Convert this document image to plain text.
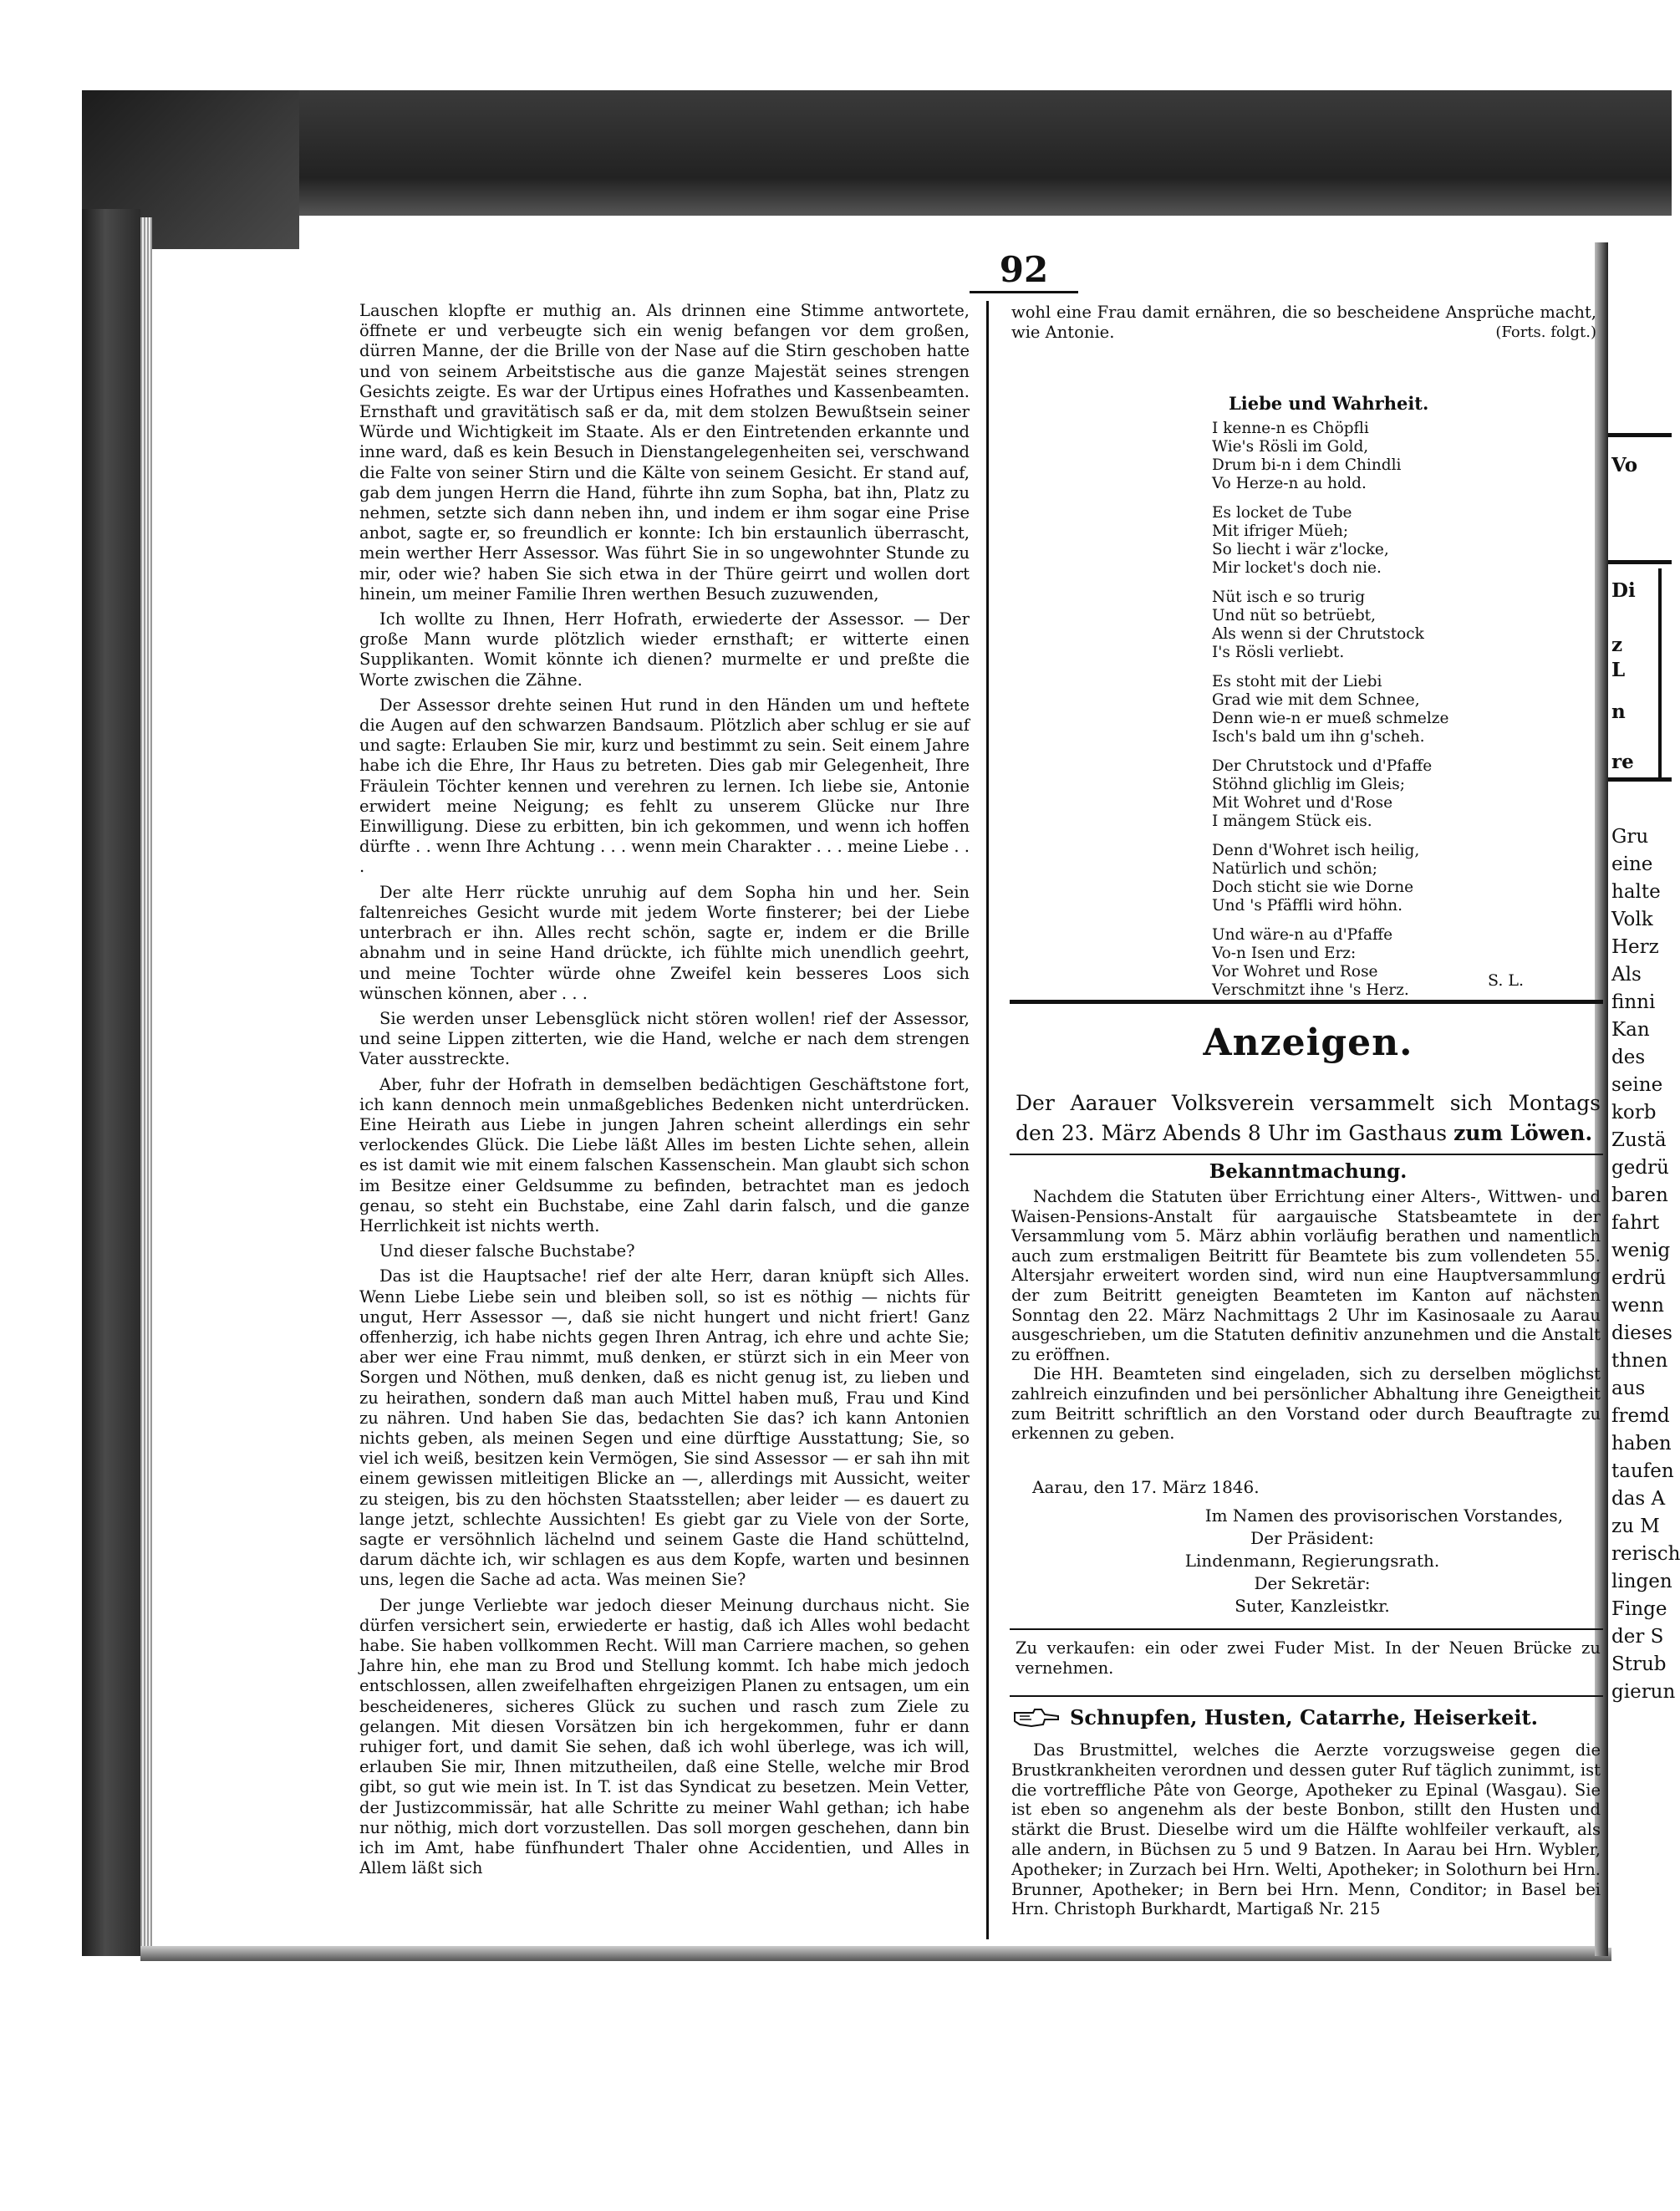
Vo
Di
z
L
n
re
Gru
eine
halte
Volk
Herz
Als
finni
Kan
des
seine
korb
Zustä
gedrü
baren
fahrt
wenig
erdrü
wenn
dieses
thnen
aus
fremd
haben
taufen
das A
zu M
rerisch
lingen
Finge
der S
Strub
gierun
92

Lauschen klopfte er muthig an. Als drinnen eine Stimme antwortete, öffnete er und verbeugte sich ein wenig befangen vor dem großen, dürren Manne, der die Brille von der Nase auf die Stirn geschoben hatte und von seinem Arbeitstische aus die ganze Majestät seines strengen Gesichts zeigte. Es war der Urtipus eines Hofrathes und Kassenbeamten. Ernsthaft und gravitätisch saß er da, mit dem stolzen Bewußtsein seiner Würde und Wichtigkeit im Staate. Als er den Eintretenden erkannte und inne ward, daß es kein Besuch in Dienstangelegenheiten sei, verschwand die Falte von seiner Stirn und die Kälte von seinem Gesicht. Er stand auf, gab dem jungen Herrn die Hand, führte ihn zum Sopha, bat ihn, Platz zu nehmen, setzte sich dann neben ihn, und indem er ihm sogar eine Prise anbot, sagte er, so freundlich er konnte: Ich bin erstaunlich überrascht, mein werther Herr Assessor. Was führt Sie in so ungewohnter Stunde zu mir, oder wie? haben Sie sich etwa in der Thüre geirrt und wollen dort hinein, um meiner Familie Ihren werthen Besuch zuzuwenden,

Ich wollte zu Ihnen, Herr Hofrath, erwiederte der Assessor. — Der große Mann wurde plötzlich wieder ernsthaft; er witterte einen Supplikanten. Womit könnte ich dienen? murmelte er und preßte die Worte zwischen die Zähne.

Der Assessor drehte seinen Hut rund in den Händen um und heftete die Augen auf den schwarzen Bandsaum. Plötzlich aber schlug er sie auf und sagte: Erlauben Sie mir, kurz und bestimmt zu sein. Seit einem Jahre habe ich die Ehre, Ihr Haus zu betreten. Dies gab mir Gelegenheit, Ihre Fräulein Töchter kennen und verehren zu lernen. Ich liebe sie, Antonie erwidert meine Neigung; es fehlt zu unserem Glücke nur Ihre Einwilligung. Diese zu erbitten, bin ich gekommen, und wenn ich hoffen dürfte . . wenn Ihre Achtung . . . wenn mein Charakter . . . meine Liebe . . .

Der alte Herr rückte unruhig auf dem Sopha hin und her. Sein faltenreiches Gesicht wurde mit jedem Worte finsterer; bei der Liebe unterbrach er ihn. Alles recht schön, sagte er, indem er die Brille abnahm und in seine Hand drückte, ich fühlte mich unendlich geehrt, und meine Tochter würde ohne Zweifel kein besseres Loos sich wünschen können, aber . . .

Sie werden unser Lebensglück nicht stören wollen! rief der Assessor, und seine Lippen zitterten, wie die Hand, welche er nach dem strengen Vater ausstreckte.

Aber, fuhr der Hofrath in demselben bedächtigen Geschäftstone fort, ich kann dennoch mein unmaßgebliches Bedenken nicht unterdrücken. Eine Heirath aus Liebe in jungen Jahren scheint allerdings ein sehr verlockendes Glück. Die Liebe läßt Alles im besten Lichte sehen, allein es ist damit wie mit einem falschen Kassenschein. Man glaubt sich schon im Besitze einer Geldsumme zu befinden, betrachtet man es jedoch genau, so steht ein Buchstabe, eine Zahl darin falsch, und die ganze Herrlichkeit ist nichts werth.

Und dieser falsche Buchstabe?

Das ist die Hauptsache! rief der alte Herr, daran knüpft sich Alles. Wenn Liebe Liebe sein und bleiben soll, so ist es nöthig — nichts für ungut, Herr Assessor —, daß sie nicht hungert und nicht friert! Ganz offenherzig, ich habe nichts gegen Ihren Antrag, ich ehre und achte Sie; aber wer eine Frau nimmt, muß denken, er stürzt sich in ein Meer von Sorgen und Nöthen, muß denken, daß es nicht genug ist, zu lieben und zu heirathen, sondern daß man auch Mittel haben muß, Frau und Kind zu nähren. Und haben Sie das, bedachten Sie das? ich kann Antonien nichts geben, als meinen Segen und eine dürftige Ausstattung; Sie, so viel ich weiß, besitzen kein Vermögen, Sie sind Assessor — er sah ihn mit einem gewissen mitleitigen Blicke an —, allerdings mit Aussicht, weiter zu steigen, bis zu den höchsten Staatsstellen; aber leider — es dauert zu lange jetzt, schlechte Aussichten! Es giebt gar zu Viele von der Sorte, sagte er versöhnlich lächelnd und seinem Gaste die Hand schüttelnd, darum dächte ich, wir schlagen es aus dem Kopfe, warten und besinnen uns, legen die Sache ad acta. Was meinen Sie?

Der junge Verliebte war jedoch dieser Meinung durchaus nicht. Sie dürfen versichert sein, erwiederte er hastig, daß ich Alles wohl bedacht habe. Sie haben vollkommen Recht. Will man Carriere machen, so gehen Jahre hin, ehe man zu Brod und Stellung kommt. Ich habe mich jedoch entschlossen, allen zweifelhaften ehrgeizigen Planen zu entsagen, um ein bescheideneres, sicheres Glück zu suchen und rasch zum Ziele zu gelangen. Mit diesen Vorsätzen bin ich hergekommen, fuhr er dann ruhiger fort, und damit Sie sehen, daß ich wohl überlege, was ich will, erlauben Sie mir, Ihnen mitzutheilen, daß eine Stelle, welche mir Brod gibt, so gut wie mein ist. In T. ist das Syndicat zu besetzen. Mein Vetter, der Justizcommissär, hat alle Schritte zu meiner Wahl gethan; ich habe nur nöthig, mich dort vorzustellen. Das soll morgen geschehen, dann bin ich im Amt, habe fünfhundert Thaler ohne Accidentien, und Alles in Allem läßt sich

wohl eine Frau damit ernähren, die so bescheidene Ansprüche macht, wie Antonie.	(Forts. folgt.)
Liebe und Wahrheit.
I kenne-n es Chöpfli
Wie's Rösli im Gold,
Drum bi-n i dem Chindli
Vo Herze-n au hold.
Es locket de Tube
Mit ifriger Müeh;
So liecht i wär z'locke,
Mir locket's doch nie.
Nüt isch e so trurig
Und nüt so betrüebt,
Als wenn si der Chrutstock
I's Rösli verliebt.
Es stoht mit der Liebi
Grad wie mit dem Schnee,
Denn wie-n er mueß schmelze
Isch's bald um ihn g'scheh.
Der Chrutstock und d'Pfaffe
Stöhnd glichlig im Gleis;
Mit Wohret und d'Rose
I mängem Stück eis.
Denn d'Wohret isch heilig,
Natürlich und schön;
Doch sticht sie wie Dorne
Und 's Pfäffli wird höhn.
Und wäre-n au d'Pfaffe
Vo-n Isen und Erz:
Vor Wohret und Rose
Verschmitzt ihne 's Herz.
S. L.
Anzeigen.
Der Aarauer Volksverein versammelt sich Montags den 23. März Abends 8 Uhr im Gasthaus zum Löwen.
Bekanntmachung.

Nachdem die Statuten über Errichtung einer Alters-, Wittwen- und Waisen-Pensions-Anstalt für aargauische Statsbeamtete in der Versammlung vom 5. März abhin vorläufig berathen und namentlich auch zum erstmaligen Beitritt für Beamtete bis zum vollendeten 55. Altersjahr erweitert worden sind, wird nun eine Hauptversammlung der zum Beitritt geneigten Beamteten im Kanton auf nächsten Sonntag den 22. März Nachmittags 2 Uhr im Kasinosaale zu Aarau ausgeschrieben, um die Statuten definitiv anzunehmen und die Anstalt zu eröffnen.

Die HH. Beamteten sind eingeladen, sich zu derselben möglichst zahlreich einzufinden und bei persönlicher Abhaltung ihre Geneigtheit zum Beitritt schriftlich an den Vorstand oder durch Beauftragte zu erkennen zu geben.

Aarau, den 17. März 1846.
Im Namen des provisorischen Vorstandes,
Der Präsident:
Lindenmann, Regierungsrath.
Der Sekretär:
Suter, Kanzleistkr.
Zu verkaufen: ein oder zwei Fuder Mist. In der Neuen Brücke zu vernehmen.
Schnupfen, Husten, Catarrhe, Heiserkeit.

Das Brustmittel, welches die Aerzte vorzugsweise gegen die Brustkrankheiten verordnen und dessen guter Ruf täglich zunimmt, ist die vortreffliche Pâte von George, Apotheker zu Epinal (Wasgau). Sie ist eben so angenehm als der beste Bonbon, stillt den Husten und stärkt die Brust. Dieselbe wird um die Hälfte wohlfeiler verkauft, als alle andern, in Büchsen zu 5 und 9 Batzen. In Aarau bei Hrn. Wybler, Apotheker; in Zurzach bei Hrn. Welti, Apotheker; in Solothurn bei Hrn. Brunner, Apotheker; in Bern bei Hrn. Menn, Conditor; in Basel bei Hrn. Christoph Burkhardt, Martigaß Nr. 215
